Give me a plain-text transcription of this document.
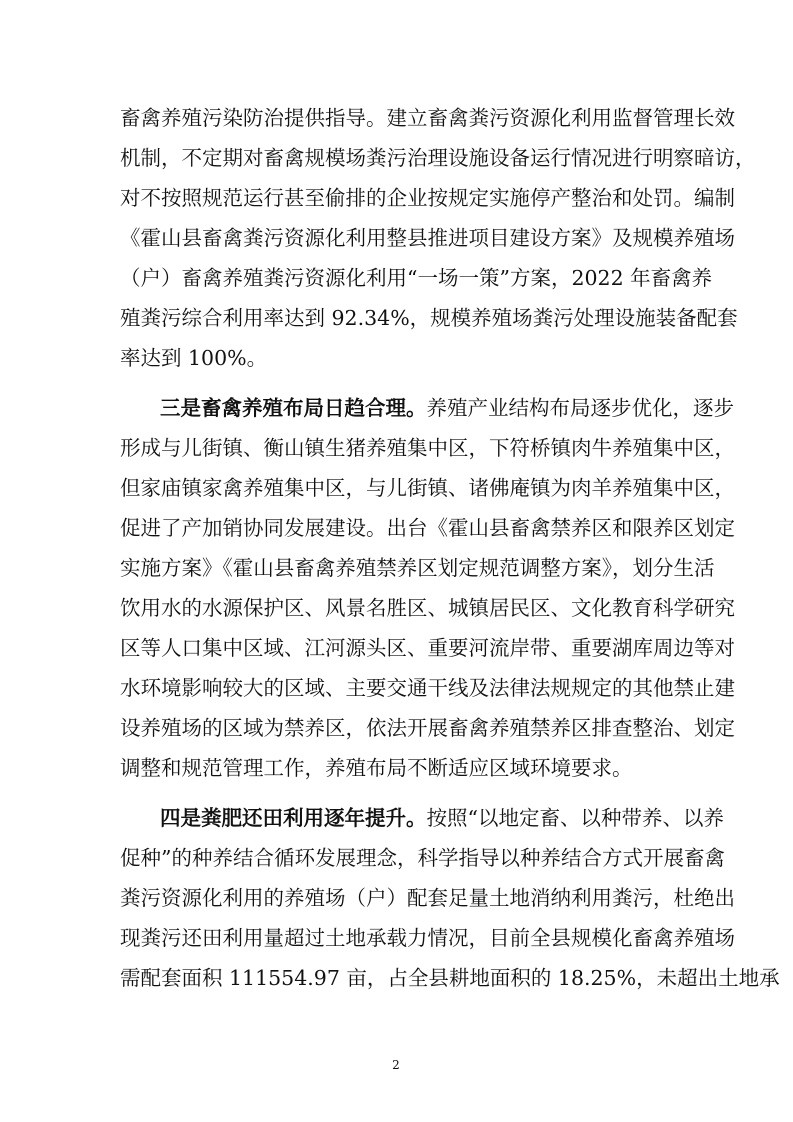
畜禽养殖污染防治提供指导。建立畜禽粪污资源化利用监督管理长效
机制，不定期对畜禽规模场粪污治理设施设备运行情况进行明察暗访，
对不按照规范运行甚至偷排的企业按规定实施停产整治和处罚。编制
《霍山县畜禽粪污资源化利用整县推进项目建设方案》及规模养殖场
（户）畜禽养殖粪污资源化利用“一场一策”方案，2022 年畜禽养
殖粪污综合利用率达到 92.34%，规模养殖场粪污处理设施装备配套
率达到 100%。
三是畜禽养殖布局日趋合理。养殖产业结构布局逐步优化，逐步
形成与儿街镇、衡山镇生猪养殖集中区，下符桥镇肉牛养殖集中区，
但家庙镇家禽养殖集中区，与儿街镇、诸佛庵镇为肉羊养殖集中区，
促进了产加销协同发展建设。出台《霍山县畜禽禁养区和限养区划定
实施方案》《霍山县畜禽养殖禁养区划定规范调整方案》，划分生活
饮用水的水源保护区、风景名胜区、城镇居民区、文化教育科学研究
区等人口集中区域、江河源头区、重要河流岸带、重要湖库周边等对
水环境影响较大的区域、主要交通干线及法律法规规定的其他禁止建
设养殖场的区域为禁养区，依法开展畜禽养殖禁养区排查整治、划定
调整和规范管理工作，养殖布局不断适应区域环境要求。
四是粪肥还田利用逐年提升。按照“以地定畜、以种带养、以养
促种”的种养结合循环发展理念，科学指导以种养结合方式开展畜禽
粪污资源化利用的养殖场（户）配套足量土地消纳利用粪污，杜绝出
现粪污还田利用量超过土地承载力情况，目前全县规模化畜禽养殖场
需配套面积 111554.97 亩，占全县耕地面积的 18.25%，未超出土地承
2
